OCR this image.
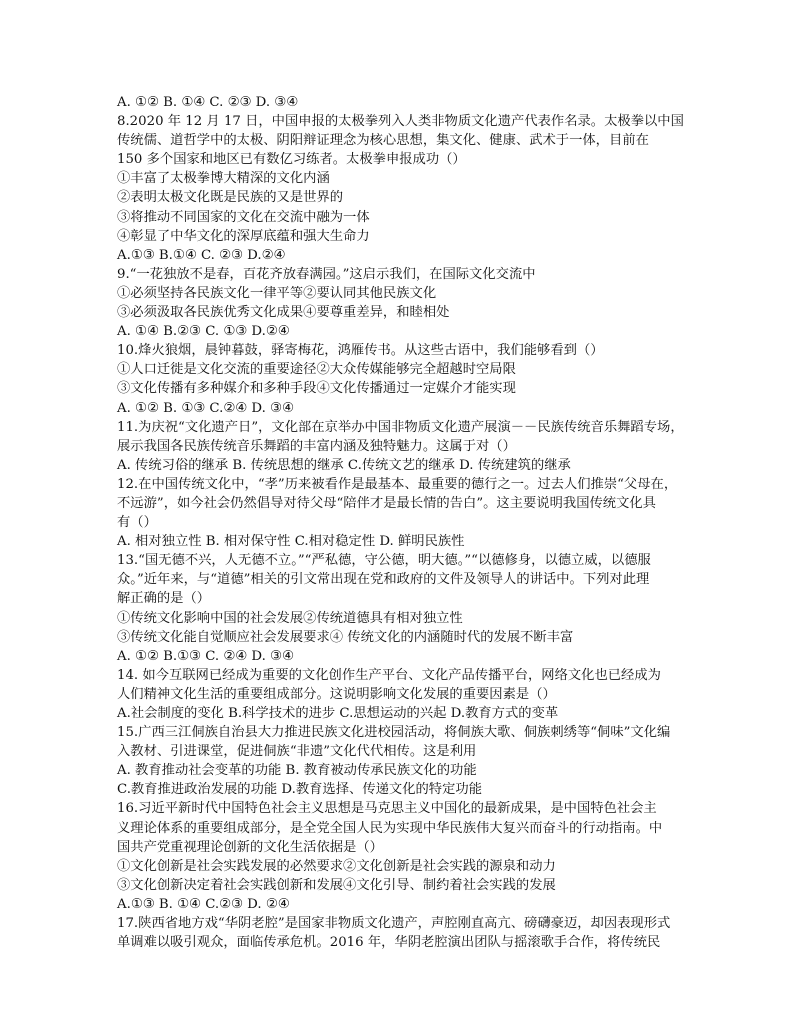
A. ①② B. ①④ C. ②③ D. ③④
8.2020 年 12 月 17 日，中国申报的太极拳列入人类非物质文化遗产代表作名录。太极拳以中国
传统儒、道哲学中的太极、阴阳辩证理念为核心思想，集文化、健康、武术于一体，目前在
150 多个国家和地区已有数亿习练者。太极拳申报成功（）
①丰富了太极拳博大精深的文化内涵
②表明太极文化既是民族的又是世界的
③将推动不同国家的文化在交流中融为一体
④彰显了中华文化的深厚底蕴和强大生命力
A.①③ B.①④ C. ②③ D.②④
9.“一花独放不是春，百花齐放春满园。”这启示我们，在国际文化交流中
①必须坚持各民族文化一律平等②要认同其他民族文化
③必须汲取各民族优秀文化成果④要尊重差异，和睦相处
A. ①④ B.②③ C. ①③ D.②④
10.烽火狼烟，晨钟暮鼓，驿寄梅花，鸿雁传书。从这些古语中，我们能够看到（）
①人口迁徙是文化交流的重要途径②大众传媒能够完全超越时空局限
③文化传播有多种媒介和多种手段④文化传播通过一定媒介才能实现
A. ①② B. ①③ C.②④ D. ③④
11.为庆祝“文化遗产日”，文化部在京举办中国非物质文化遗产展演－－民族传统音乐舞蹈专场，
展示我国各民族传统音乐舞蹈的丰富内涵及独特魅力。这属于对（）
A. 传统习俗的继承 B. 传统思想的继承 C.传统文艺的继承 D. 传统建筑的继承
12.在中国传统文化中，“孝”历来被看作是最基本、最重要的德行之一。过去人们推崇“父母在，
不远游”，如今社会仍然倡导对待父母“陪伴才是最长情的告白”。这主要说明我国传统文化具
有（）
A. 相对独立性 B. 相对保守性 C.相对稳定性 D. 鲜明民族性
13.“国无德不兴，人无德不立。”“严私德，守公德，明大德。”“以德修身，以德立威，以德服
众。”近年来，与“道德”相关的引文常出现在党和政府的文件及领导人的讲话中。下列对此理
解正确的是（）
①传统文化影响中国的社会发展②传统道德具有相对独立性
③传统文化能自觉顺应社会发展要求④ 传统文化的内涵随时代的发展不断丰富
A. ①② B.①③ C. ②④ D. ③④
14. 如今互联网已经成为重要的文化创作生产平台、文化产品传播平台，网络文化也已经成为
人们精神文化生活的重要组成部分。这说明影响文化发展的重要因素是（）
A.社会制度的变化 B.科学技术的进步 C.思想运动的兴起 D.教育方式的变革
15.广西三江侗族自治县大力推进民族文化进校园活动，将侗族大歌、侗族刺绣等“侗味”文化编
入教材、引进课堂，促进侗族“非遗”文化代代相传。这是利用
A. 教育推动社会变革的功能 B. 教育被动传承民族文化的功能
C.教育推进政治发展的功能 D.教育选择、传递文化的特定功能
16.习近平新时代中国特色社会主义思想是马克思主义中国化的最新成果，是中国特色社会主
义理论体系的重要组成部分，是全党全国人民为实现中华民族伟大复兴而奋斗的行动指南。中
国共产党重视理论创新的文化生活依据是（）
①文化创新是社会实践发展的必然要求②文化创新是社会实践的源泉和动力
③文化创新决定着社会实践创新和发展④文化引导、制约着社会实践的发展
A.①③ B. ①④ C.②③ D. ②④
17.陕西省地方戏“华阴老腔”是国家非物质文化遗产，声腔刚直高亢、磅礴豪迈，却因表现形式
单调难以吸引观众，面临传承危机。2016 年，华阴老腔演出团队与摇滚歌手合作，将传统民
